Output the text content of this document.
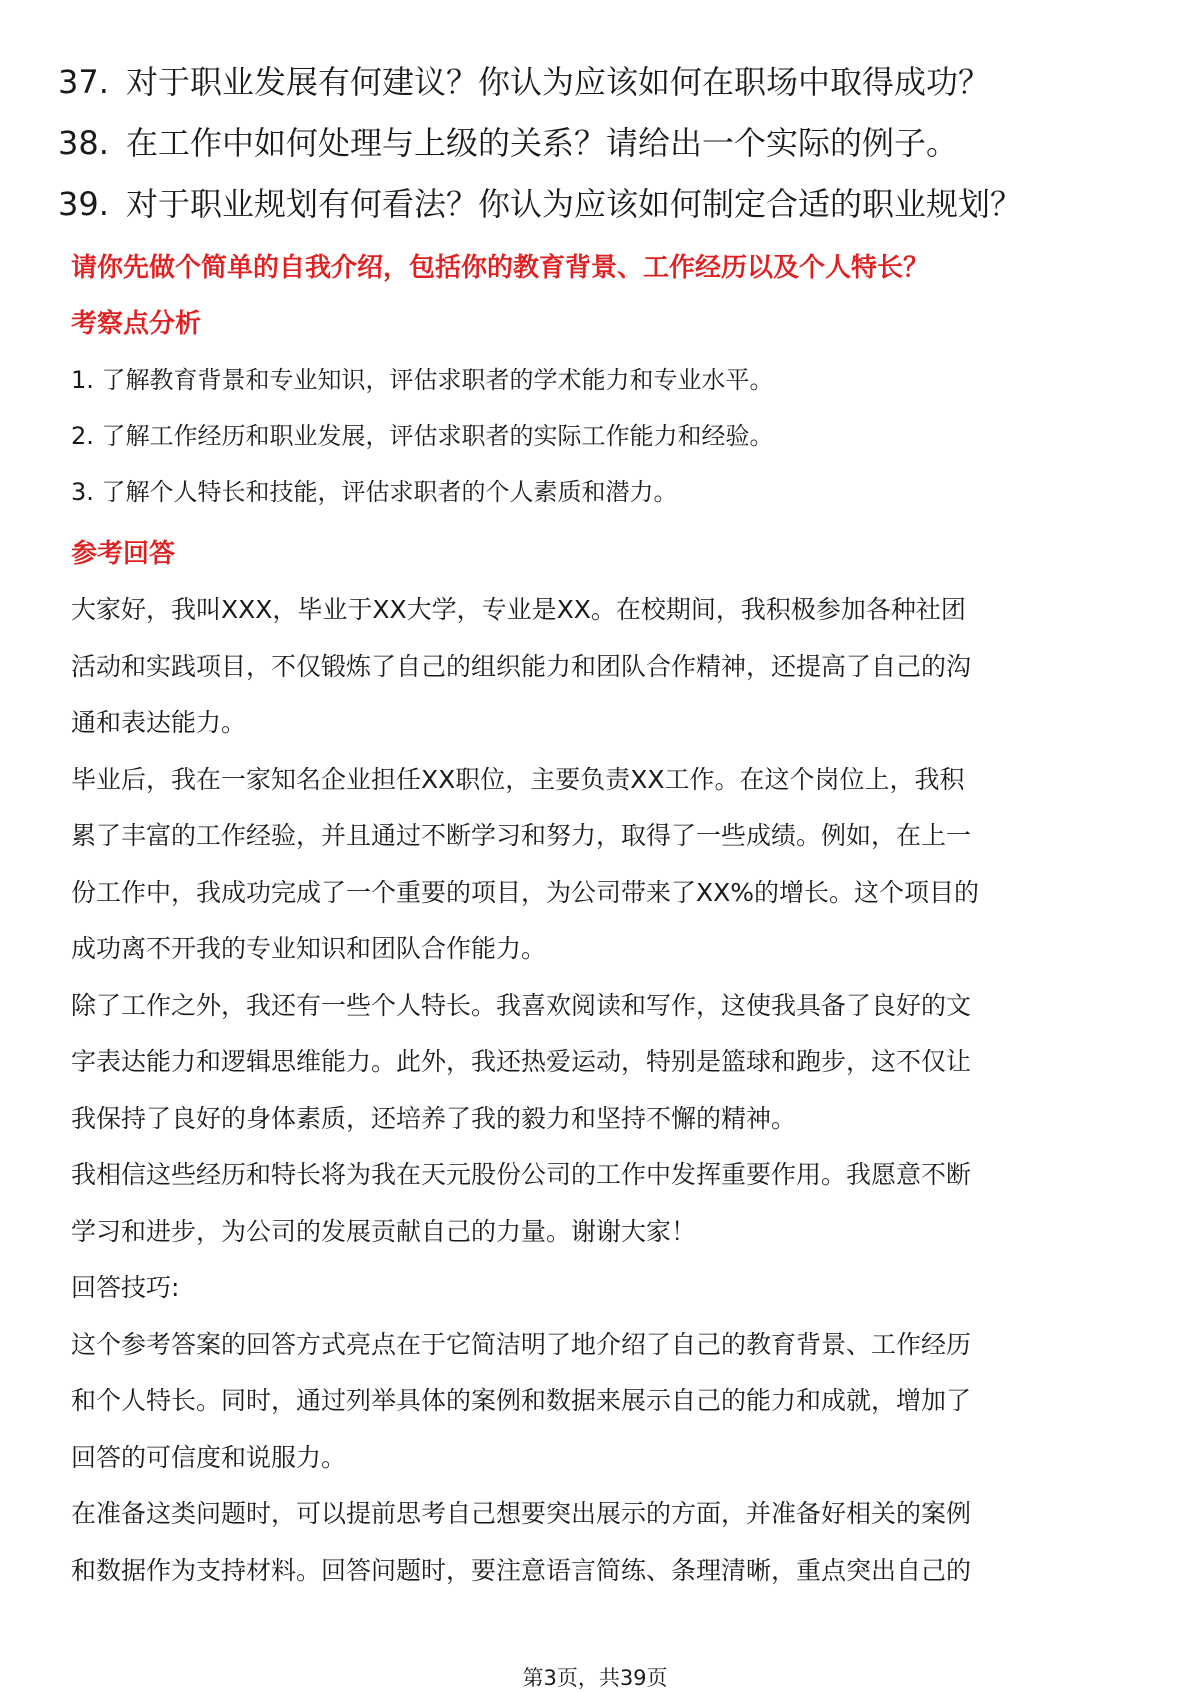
37. 对于职业发展有何建议？你认为应该如何在职场中取得成功？
38. 在工作中如何处理与上级的关系？请给出一个实际的例子。
39. 对于职业规划有何看法？你认为应该如何制定合适的职业规划？
请你先做个简单的自我介绍，包括你的教育背景、工作经历以及个人特长？
考察点分析
1. 了解教育背景和专业知识，评估求职者的学术能力和专业水平。
2. 了解工作经历和职业发展，评估求职者的实际工作能力和经验。
3. 了解个人特长和技能，评估求职者的个人素质和潜力。
参考回答

大家好，我叫XXX，毕业于XX大学，专业是XX。在校期间，我积极参加各种社团
活动和实践项目，不仅锻炼了自己的组织能力和团队合作精神，还提高了自己的沟
通和表达能力。

毕业后，我在一家知名企业担任XX职位，主要负责XX工作。在这个岗位上，我积
累了丰富的工作经验，并且通过不断学习和努力，取得了一些成绩。例如，在上一
份工作中，我成功完成了一个重要的项目，为公司带来了XX%的增长。这个项目的
成功离不开我的专业知识和团队合作能力。

除了工作之外，我还有一些个人特长。我喜欢阅读和写作，这使我具备了良好的文
字表达能力和逻辑思维能力。此外，我还热爱运动，特别是篮球和跑步，这不仅让
我保持了良好的身体素质，还培养了我的毅力和坚持不懈的精神。

我相信这些经历和特长将为我在天元股份公司的工作中发挥重要作用。我愿意不断
学习和进步，为公司的发展贡献自己的力量。谢谢大家！

回答技巧:

这个参考答案的回答方式亮点在于它简洁明了地介绍了自己的教育背景、工作经历
和个人特长。同时，通过列举具体的案例和数据来展示自己的能力和成就，增加了
回答的可信度和说服力。

在准备这类问题时，可以提前思考自己想要突出展示的方面，并准备好相关的案例
和数据作为支持材料。回答问题时，要注意语言简练、条理清晰，重点突出自己的

第3页，共39页
